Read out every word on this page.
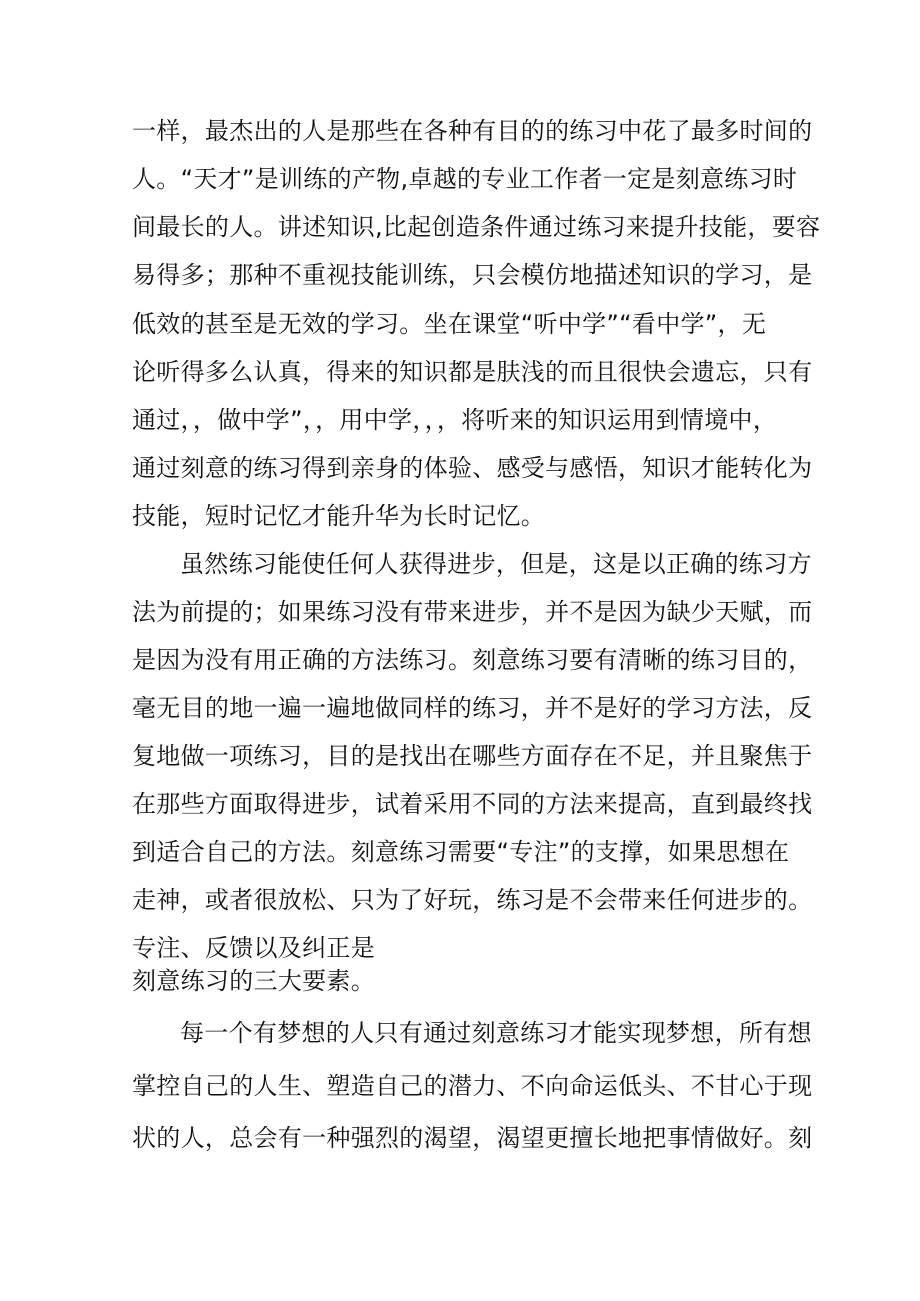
一样，最杰出的人是那些在各种有目的的练习中花了最多时间的
人。“天才”是训练的产物,卓越的专业工作者一定是刻意练习时
间最长的人。讲述知识,比起创造条件通过练习来提升技能，要容
易得多；那种不重视技能训练，只会模仿地描述知识的学习，是
低效的甚至是无效的学习。坐在课堂“听中学”“看中学”，无
论听得多么认真，得来的知识都是肤浅的而且很快会遗忘，只有
通过，，做中学”，，用中学，，，将听来的知识运用到情境中，
通过刻意的练习得到亲身的体验、感受与感悟，知识才能转化为
技能，短时记忆才能升华为长时记忆。
虽然练习能使任何人获得进步，但是，这是以正确的练习方
法为前提的；如果练习没有带来进步，并不是因为缺少天赋，而
是因为没有用正确的方法练习。刻意练习要有清晰的练习目的，
毫无目的地一遍一遍地做同样的练习，并不是好的学习方法，反
复地做一项练习，目的是找出在哪些方面存在不足，并且聚焦于
在那些方面取得进步，试着采用不同的方法来提高，直到最终找
到适合自己的方法。刻意练习需要“专注”的支撑，如果思想在
走神，或者很放松、只为了好玩，练习是不会带来任何进步的。
专注、反馈以及纠正是
刻意练习的三大要素。
每一个有梦想的人只有通过刻意练习才能实现梦想，所有想
掌控自己的人生、塑造自己的潜力、不向命运低头、不甘心于现
状的人，总会有一种强烈的渴望，渴望更擅长地把事情做好。刻
